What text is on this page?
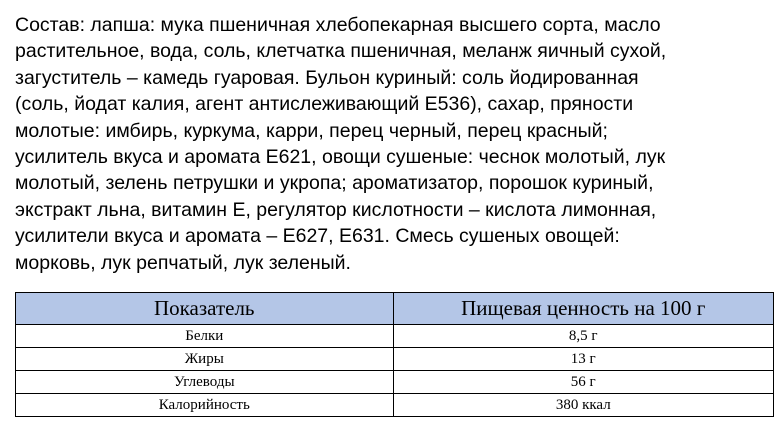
Состав: лапша: мука пшеничная хлебопекарная высшего сорта, масло
растительное, вода, соль, клетчатка пшеничная, меланж яичный сухой,
загуститель – камедь гуаровая. Бульон куриный: соль йодированная
(соль, йодат калия, агент антислеживающий Е536), сахар, пряности
молотые: имбирь, куркума, карри, перец черный, перец красный;
усилитель вкуса и аромата Е621, овощи сушеные: чеснок молотый, лук
молотый, зелень петрушки и укропа; ароматизатор, порошок куриный,
экстракт льна, витамин Е, регулятор кислотности – кислота лимонная,
усилители вкуса и аромата – Е627, Е631. Смесь сушеных овощей:
морковь, лук репчатый, лук зеленый.
Показатель	Пищевая ценность на 100 г
Белки	8,5 г
Жиры	13 г
Углеводы	56 г
Калорийность	380 ккал
